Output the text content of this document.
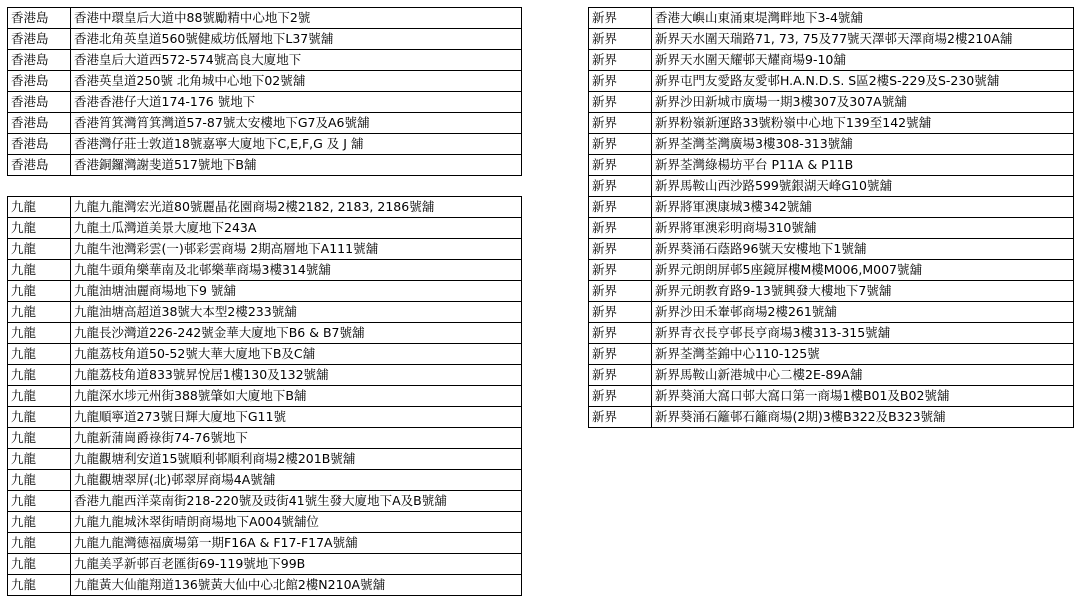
香港島	香港中環皇后大道中88號勵精中心地下2號
香港島	香港北角英皇道560號健威坊低層地下L37號舖
香港島	香港皇后大道西572-574號高良大廈地下
香港島	香港英皇道250號 北角城中心地下02號舖
香港島	香港香港仔大道174-176 號地下
香港島	香港筲箕灣筲箕灣道57-87號太安樓地下G7及A6號舖
香港島	香港灣仔莊士敦道18號嘉寧大廈地下C,E,F,G 及 J 舖
香港島	香港銅鑼灣謝斐道517號地下B舖
九龍	九龍九龍灣宏光道80號麗晶花園商場2樓2182, 2183, 2186號舖
九龍	九龍土瓜灣道美景大廈地下243A
九龍	九龍牛池灣彩雲(一)邨彩雲商場 2期高層地下A111號舖
九龍	九龍牛頭角樂華南及北邨樂華商場3樓314號舖
九龍	九龍油塘油麗商場地下9 號舖
九龍	九龍油塘高超道38號大本型2樓233號舖
九龍	九龍長沙灣道226-242號金華大廈地下B6 & B7號舖
九龍	九龍荔枝角道50-52號大華大廈地下B及C舖
九龍	九龍荔枝角道833號昇悅居1樓130及132號舖
九龍	九龍深水埗元州街388號肇如大廈地下B舖
九龍	九龍順寧道273號日輝大廈地下G11號
九龍	九龍新蒲崗爵祿街74-76號地下
九龍	九龍觀塘利安道15號順利邨順利商場2樓201B號舖
九龍	九龍觀塘翠屏(北)邨翠屏商場4A號舖
九龍	香港九龍西洋菜南街218-220號及豉街41號生發大廈地下A及B號舖
九龍	九龍九龍城沐翠街晴朗商場地下A004號舖位
九龍	九龍九龍灣德福廣場第一期F16A & F17-F17A號舖
九龍	九龍美孚新邨百老匯街69-119號地下99B
九龍	九龍黃大仙龍翔道136號黃大仙中心北館2樓N210A號舖
新界	香港大嶼山東涌東堤灣畔地下3-4號舖
新界	新界天水圍天瑞路71, 73, 75及77號天澤邨天澤商場2樓210A舖
新界	新界天水圍天耀邨天耀商場9-10舖
新界	新界屯門友愛路友愛邨H.A.N.D.S. S區2樓S-229及S-230號舖
新界	新界沙田新城市廣場一期3樓307及307A號舖
新界	新界粉嶺新運路33號粉嶺中心地下139至142號舖
新界	新界荃灣荃灣廣場3樓308-313號舖
新界	新界荃灣綠楊坊平台 P11A & P11B
新界	新界馬鞍山西沙路599號銀湖天峰G10號舖
新界	新界將軍澳康城3樓342號舖
新界	新界將軍澳彩明商場310號舖
新界	新界葵涌石蔭路96號天安樓地下1號舖
新界	新界元朗朗屏邨5座鏡屏樓M樓M006,M007號舖
新界	新界元朗教育路9-13號興發大樓地下7號舖
新界	新界沙田禾輋邨商場2樓261號舖
新界	新界青衣長亨邨長亨商場3樓313-315號舖
新界	新界荃灣荃錦中心110-125號
新界	新界馬鞍山新港城中心二樓2E-89A舖
新界	新界葵涌大窩口邨大窩口第一商場1樓B01及B02號舖
新界	新界葵涌石籬邨石籬商場(2期)3樓B322及B323號舖
